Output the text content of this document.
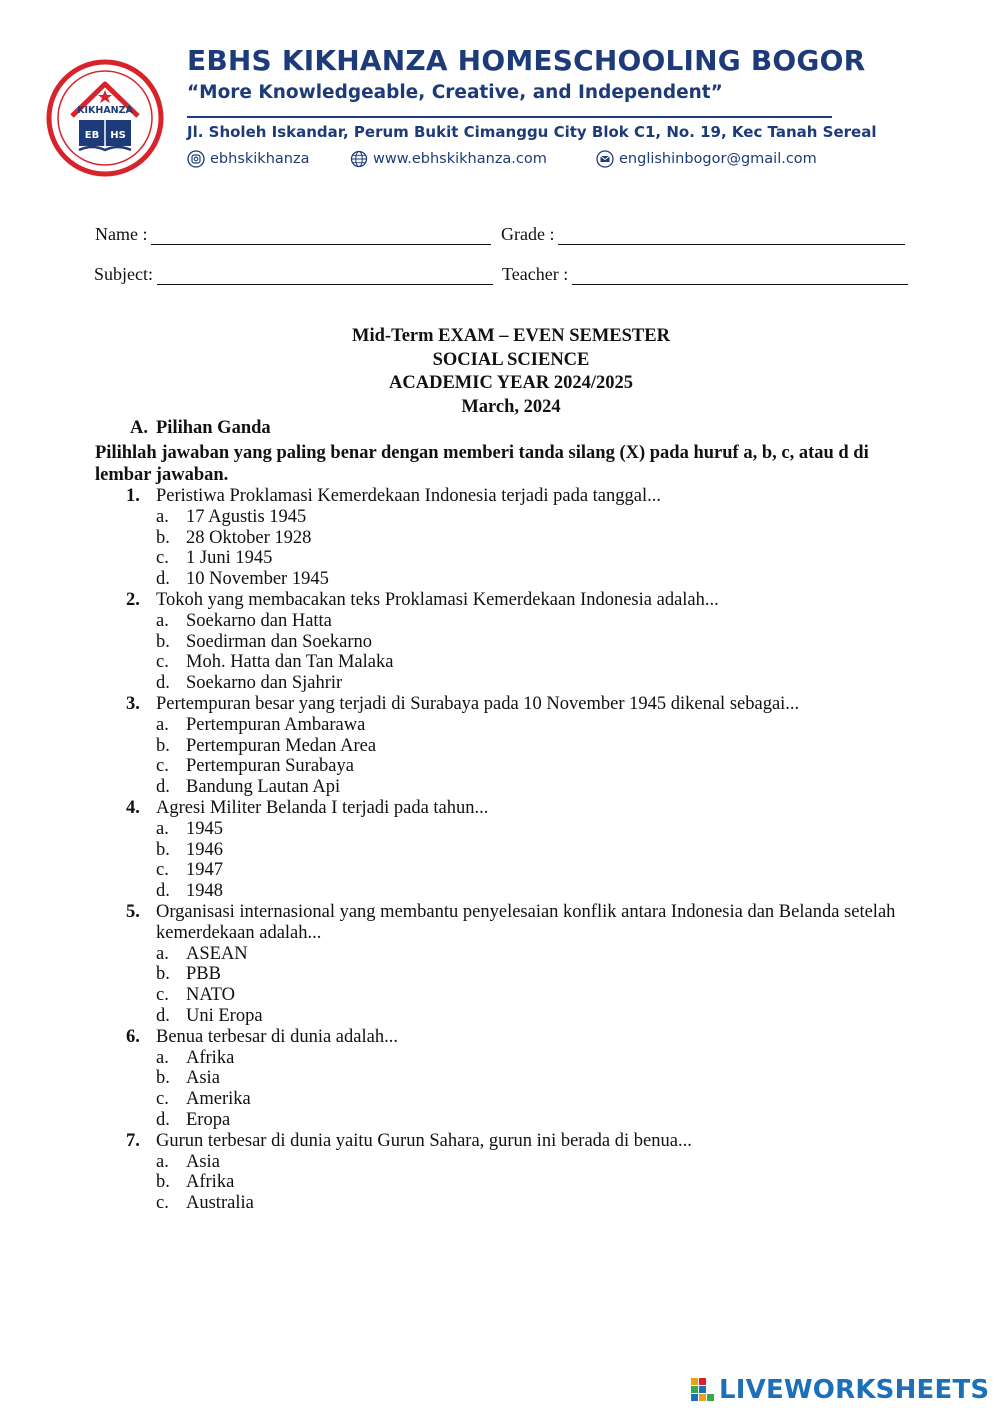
KIKHANZA
EB HS
EBHS KIKHANZA HOMESCHOOLING BOGOR
“More Knowledgeable, Creative, and Independent”
Jl. Sholeh Iskandar, Perum Bukit Cimanggu City Blok C1, No. 19, Kec Tanah Sereal
ebhskikhanza	www.ebhskikhanza.com	englishinbogor@gmail.com
Name :	Grade :
Subject:	Teacher :
Mid-Term EXAM – EVEN SEMESTER
SOCIAL SCIENCE
ACADEMIC YEAR 2024/2025
March, 2024
A. Pilihan Ganda
Pilihlah jawaban yang paling benar dengan memberi tanda silang (X) pada huruf a, b, c, atau d di lembar jawaban.
1. Peristiwa Proklamasi Kemerdekaan Indonesia terjadi pada tanggal...
a. 17 Agustis 1945
b. 28 Oktober 1928
c. 1 Juni 1945
d. 10 November 1945
2. Tokoh yang membacakan teks Proklamasi Kemerdekaan Indonesia adalah...
a. Soekarno dan Hatta
b. Soedirman dan Soekarno
c. Moh. Hatta dan Tan Malaka
d. Soekarno dan Sjahrir
3. Pertempuran besar yang terjadi di Surabaya pada 10 November 1945 dikenal sebagai...
a. Pertempuran Ambarawa
b. Pertempuran Medan Area
c. Pertempuran Surabaya
d. Bandung Lautan Api
4. Agresi Militer Belanda I terjadi pada tahun...
a. 1945
b. 1946
c. 1947
d. 1948
5. Organisasi internasional yang membantu penyelesaian konflik antara Indonesia dan Belanda setelah kemerdekaan adalah...
a. ASEAN
b. PBB
c. NATO
d. Uni Eropa
6. Benua terbesar di dunia adalah...
a. Afrika
b. Asia
c. Amerika
d. Eropa
7. Gurun terbesar di dunia yaitu Gurun Sahara, gurun ini berada di benua...
a. Asia
b. Afrika
c. Australia
LIVEWORKSHEETS
